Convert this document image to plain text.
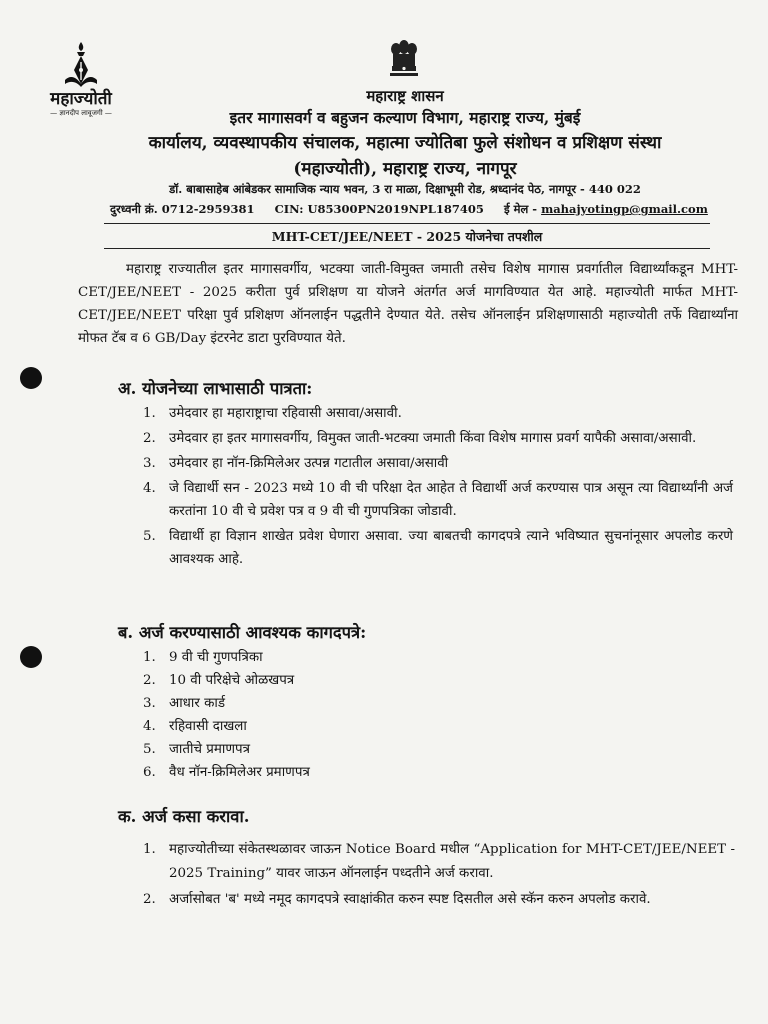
महाज्योती
— ज्ञानदीप लावूजगी —
महाराष्ट्र शासन
इतर मागासवर्ग व बहुजन कल्याण विभाग, महाराष्ट्र राज्य, मुंबई
कार्यालय, व्यवस्थापकीय संचालक, महात्मा ज्योतिबा फुले संशोधन व प्रशिक्षण संस्था
(महाज्योती), महाराष्ट्र राज्य, नागपूर
डॉ. बाबासाहेब आंबेडकर सामाजिक न्याय भवन, 3 रा माळा, दिक्षाभूमी रोड, श्रध्दानंद पेठ, नागपूर - 440 022
दुरध्वनी क्रं. 0712-2959381 CIN: U85300PN2019NPL187405 ई मेल - mahajyotingp@gmail.com
MHT-CET/JEE/NEET - 2025 योजनेचा तपशील

महाराष्ट्र राज्यातील इतर मागासवर्गीय, भटक्या जाती-विमुक्त जमाती तसेच विशेष मागास प्रवर्गातील विद्यार्थ्यांकडून MHT-CET/JEE/NEET - 2025 करीता पुर्व प्रशिक्षण या योजने अंतर्गत अर्ज मागविण्यात येत आहे. महाज्योती मार्फत MHT-CET/JEE/NEET परिक्षा पुर्व प्रशिक्षण ऑनलाईन पद्धतीने देण्यात येते. तसेच ऑनलाईन प्रशिक्षणासाठी महाज्योती तर्फे विद्यार्थ्यांना मोफत टॅब व 6 GB/Day इंटरनेट डाटा पुरविण्यात येते.

अ. योजनेच्या लाभासाठी पात्रता:
1. उमेदवार हा महाराष्ट्राचा रहिवासी असावा/असावी.
2. उमेदवार हा इतर मागासवर्गीय, विमुक्त जाती-भटक्या जमाती किंवा विशेष मागास प्रवर्ग यापैकी असावा/असावी.
3. उमेदवार हा नॉन-क्रिमिलेअर उत्पन्न गटातील असावा/असावी
4. जे विद्यार्थी सन - 2023 मध्ये 10 वी ची परिक्षा देत आहेत ते विद्यार्थी अर्ज करण्यास पात्र असून त्या विद्यार्थ्यांनी अर्ज करतांना 10 वी चे प्रवेश पत्र व 9 वी ची गुणपत्रिका जोडावी.
5. विद्यार्थी हा विज्ञान शाखेत प्रवेश घेणारा असावा. ज्या बाबतची कागदपत्रे त्याने भविष्यात सुचनांनूसार अपलोड करणे आवश्यक आहे.
ब. अर्ज करण्यासाठी आवश्यक कागदपत्रे:
1. 9 वी ची गुणपत्रिका
2. 10 वी परिक्षेचे ओळखपत्र
3. आधार कार्ड
4. रहिवासी दाखला
5. जातीचे प्रमाणपत्र
6. वैध नॉन-क्रिमिलेअर प्रमाणपत्र
क. अर्ज कसा करावा.
1. महाज्योतीच्या संकेतस्थळावर जाऊन Notice Board मधील “Application for MHT-CET/JEE/NEET - 2025 Training” यावर जाऊन ऑनलाईन पध्दतीने अर्ज करावा.
2. अर्जासोबत 'ब' मध्ये नमूद कागदपत्रे स्वाक्षांकीत करुन स्पष्ट दिसतील असे स्कॅन करुन अपलोड करावे.
